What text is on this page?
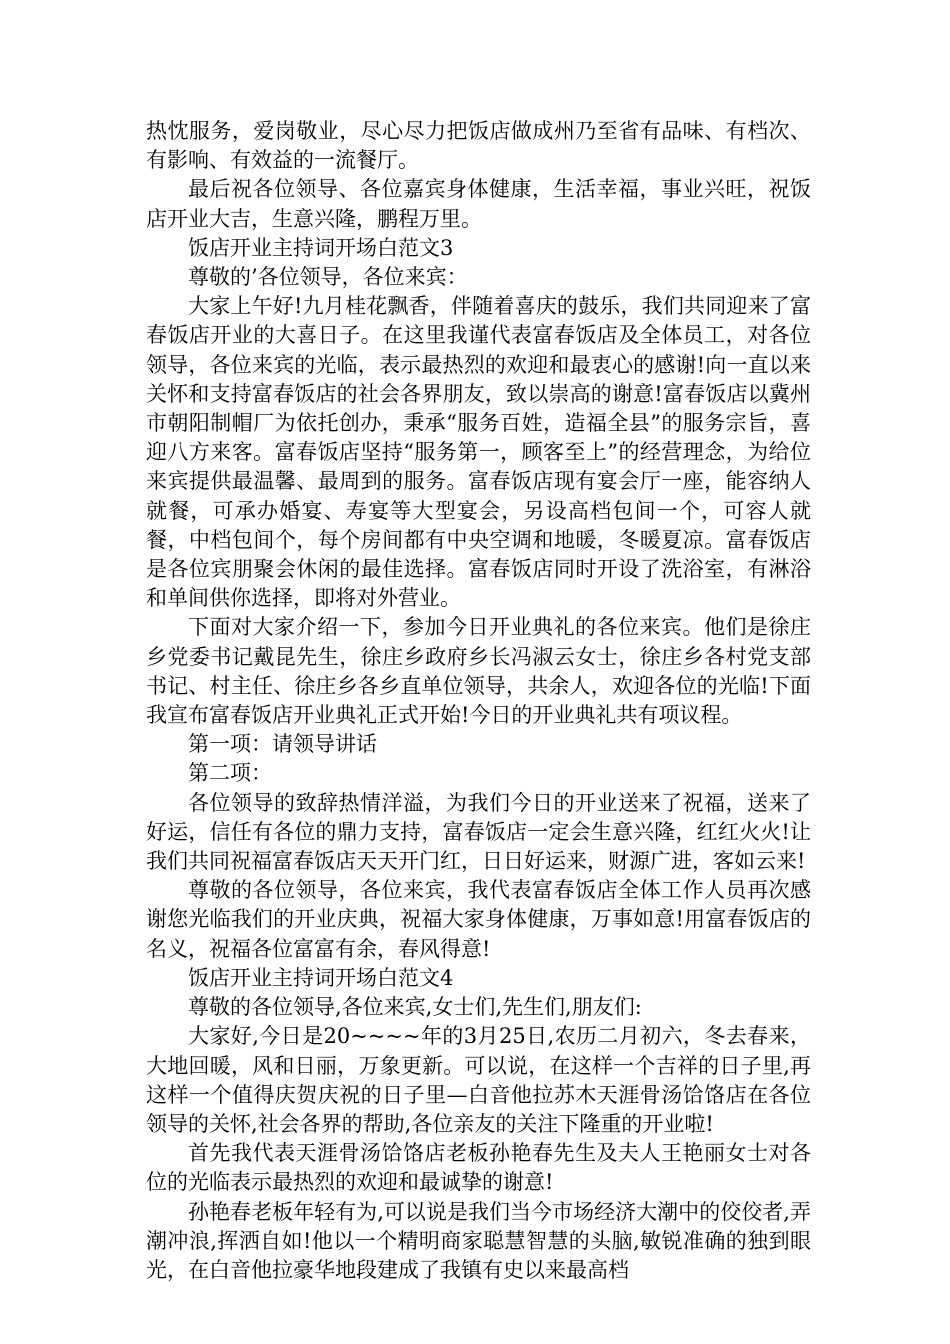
热忱服务，爱岗敬业，尽心尽力把饭店做成州乃至省有品味、有档次、有影响、有效益的一流餐厅。

最后祝各位领导、各位嘉宾身体健康，生活幸福，事业兴旺，祝饭店开业大吉，生意兴隆，鹏程万里。

饭店开业主持词开场白范文3

尊敬的’各位领导，各位来宾：

大家上午好!九月桂花飘香，伴随着喜庆的鼓乐，我们共同迎来了富春饭店开业的大喜日子。在这里我谨代表富春饭店及全体员工，对各位领导，各位来宾的光临，表示最热烈的欢迎和最衷心的感谢!向一直以来关怀和支持富春饭店的社会各界朋友，致以崇高的谢意!富春饭店以冀州市朝阳制帽厂为依托创办，秉承“服务百姓，造福全县”的服务宗旨，喜迎八方来客。富春饭店坚持“服务第一，顾客至上”的经营理念，为给位来宾提供最温馨、最周到的服务。富春饭店现有宴会厅一座，能容纳人就餐，可承办婚宴、寿宴等大型宴会，另设高档包间一个，可容人就餐，中档包间个，每个房间都有中央空调和地暖，冬暖夏凉。富春饭店是各位宾朋聚会休闲的最佳选择。富春饭店同时开设了洗浴室，有淋浴和单间供你选择，即将对外营业。

下面对大家介绍一下，参加今日开业典礼的各位来宾。他们是徐庄乡党委书记戴昆先生，徐庄乡政府乡长冯淑云女士，徐庄乡各村党支部书记、村主任、徐庄乡各乡直单位领导，共余人，欢迎各位的光临!下面我宣布富春饭店开业典礼正式开始!今日的开业典礼共有项议程。

第一项：请领导讲话

第二项：

各位领导的致辞热情洋溢，为我们今日的开业送来了祝福，送来了好运，信任有各位的鼎力支持，富春饭店一定会生意兴隆，红红火火!让我们共同祝福富春饭店天天开门红，日日好运来，财源广进，客如云来!

尊敬的各位领导，各位来宾，我代表富春饭店全体工作人员再次感谢您光临我们的开业庆典，祝福大家身体健康，万事如意!用富春饭店的名义，祝福各位富富有余，春风得意!

饭店开业主持词开场白范文4

尊敬的各位领导,各位来宾,女士们,先生们,朋友们:

大家好,今日是20~~~~年的3月25日,农历二月初六，冬去春来，大地回暖，风和日丽，万象更新。可以说，在这样一个吉祥的日子里,再这样一个值得庆贺庆祝的日子里—白音他拉苏木天涯骨汤饸饹店在各位领导的关怀,社会各界的帮助,各位亲友的关注下隆重的开业啦!

首先我代表天涯骨汤饸饹店老板孙艳春先生及夫人王艳丽女士对各位的光临表示最热烈的欢迎和最诚挚的谢意!

孙艳春老板年轻有为,可以说是我们当今市场经济大潮中的佼佼者,弄潮冲浪,挥洒自如!他以一个精明商家聪慧智慧的头脑,敏锐准确的独到眼光，在白音他拉豪华地段建成了我镇有史以来最高档
